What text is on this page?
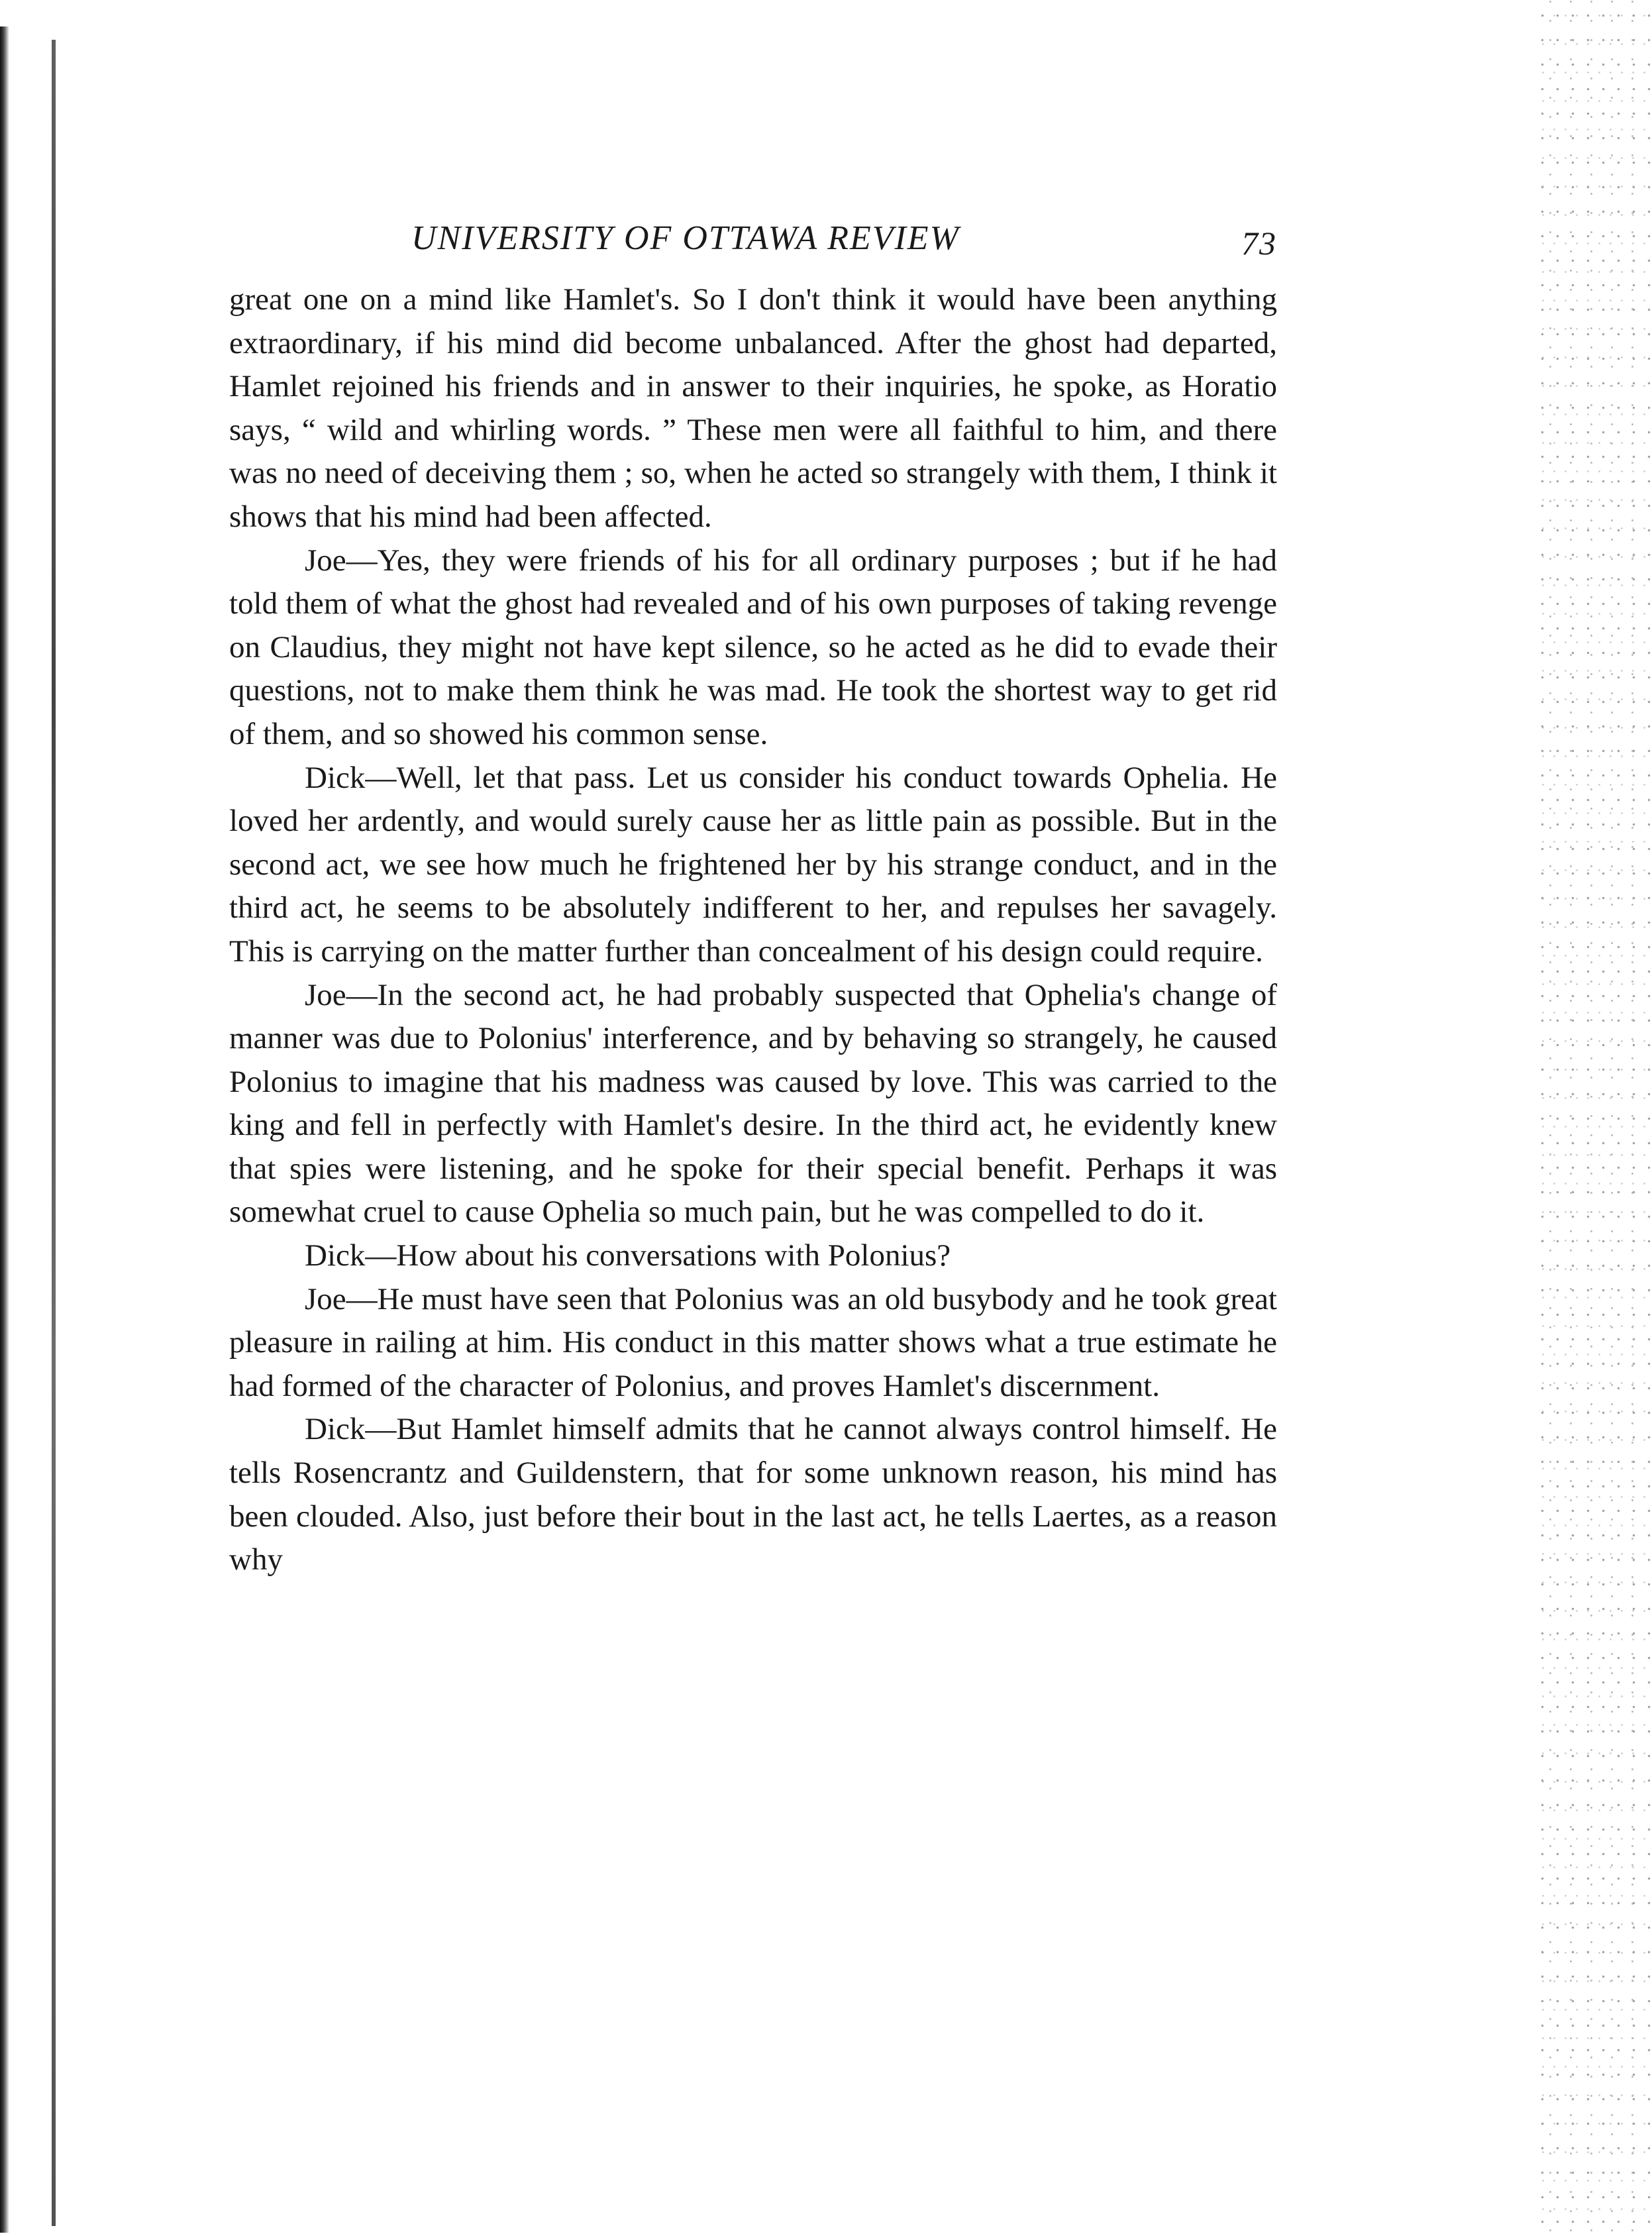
UNIVERSITY OF OTTAWA REVIEW	73

great one on a mind like Hamlet's. So I don't think it would have been anything extraordinary, if his mind did become unbalanced. After the ghost had departed, Hamlet rejoined his friends and in answer to their inquiries, he spoke, as Horatio says, “ wild and whirling words. ” These men were all faithful to him, and there was no need of deceiving them ; so, when he acted so strangely with them, I think it shows that his mind had been affected.

Joe—Yes, they were friends of his for all ordinary purposes ; but if he had told them of what the ghost had revealed and of his own purposes of taking revenge on Claudius, they might not have kept silence, so he acted as he did to evade their questions, not to make them think he was mad. He took the shortest way to get rid of them, and so showed his common sense.

Dick—Well, let that pass. Let us consider his conduct towards Ophelia. He loved her ardently, and would surely cause her as little pain as possible. But in the second act, we see how much he frightened her by his strange conduct, and in the third act, he seems to be absolutely indifferent to her, and repulses her savagely. This is carrying on the matter further than concealment of his design could require.

Joe—In the second act, he had probably suspected that Ophelia's change of manner was due to Polonius' interference, and by behaving so strangely, he caused Polonius to imagine that his madness was caused by love. This was carried to the king and fell in perfectly with Hamlet's desire. In the third act, he evidently knew that spies were listening, and he spoke for their special benefit. Perhaps it was somewhat cruel to cause Ophelia so much pain, but he was compelled to do it.

Dick—How about his conversations with Polonius?

Joe—He must have seen that Polonius was an old busybody and he took great pleasure in railing at him. His conduct in this matter shows what a true estimate he had formed of the character of Polonius, and proves Hamlet's discernment.

Dick—But Hamlet himself admits that he cannot always control himself. He tells Rosencrantz and Guildenstern, that for some unknown reason, his mind has been clouded. Also, just before their bout in the last act, he tells Laertes, as a reason why
